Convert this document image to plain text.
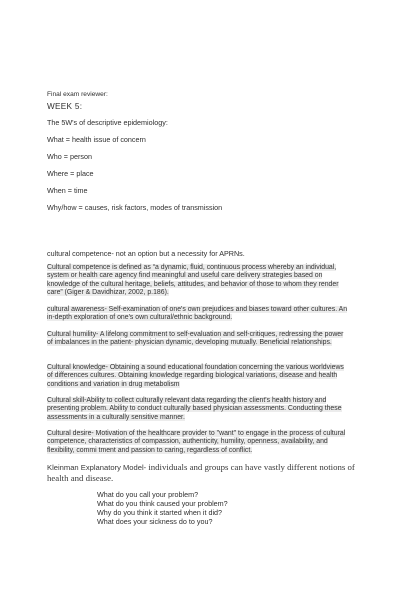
Final exam reviewer:
WEEK 5:
The 5W's of descriptive epidemiology:
What = health issue of concern
Who = person
Where = place
When = time
Why/how = causes, risk factors, modes of transmission
cultural competence- not an option but a necessity for APRNs.
Cultural competence is defined as “a dynamic, fluid, continuous process whereby an individual, system or health care agency find meaningful and useful care delivery strategies based on knowledge of the cultural heritage, beliefs, attitudes, and behavior of those to whom they render care” (Giger & Davidhizar, 2002, p.186).
cultural awareness- Self-examination of one's own prejudices and biases toward other cultures. An in-depth exploration of one's own cultural/ethnic background.
Cultural humility- A lifelong commitment to self-evaluation and self-critiques, redressing the power of imbalances in the patient- physician dynamic, developing mutually. Beneficial relationships.
Cultural knowledge- Obtaining a sound educational foundation concerning the various worldviews of differences cultures. Obtaining knowledge regarding biological variations, disease and health conditions and variation in drug metabolism
Cultural skill-Ability to collect culturally relevant data regarding the client's health history and presenting problem. Ability to conduct culturally based physician assessments. Conducting these assessments in a culturally sensitive manner.
Cultural desire- Motivation of the healthcare provider to "want" to engage in the process of cultural competence, characteristics of compassion, authenticity, humility, openness, availability, and flexibility, commi tment and passion to caring, regardless of conflict.
Kleinman Explanatory Model- individuals and groups can have vastly different notions of health and disease.
What do you call your problem?
What do you think caused your problem?
Why do you think it started when it did?
What does your sickness do to you?
